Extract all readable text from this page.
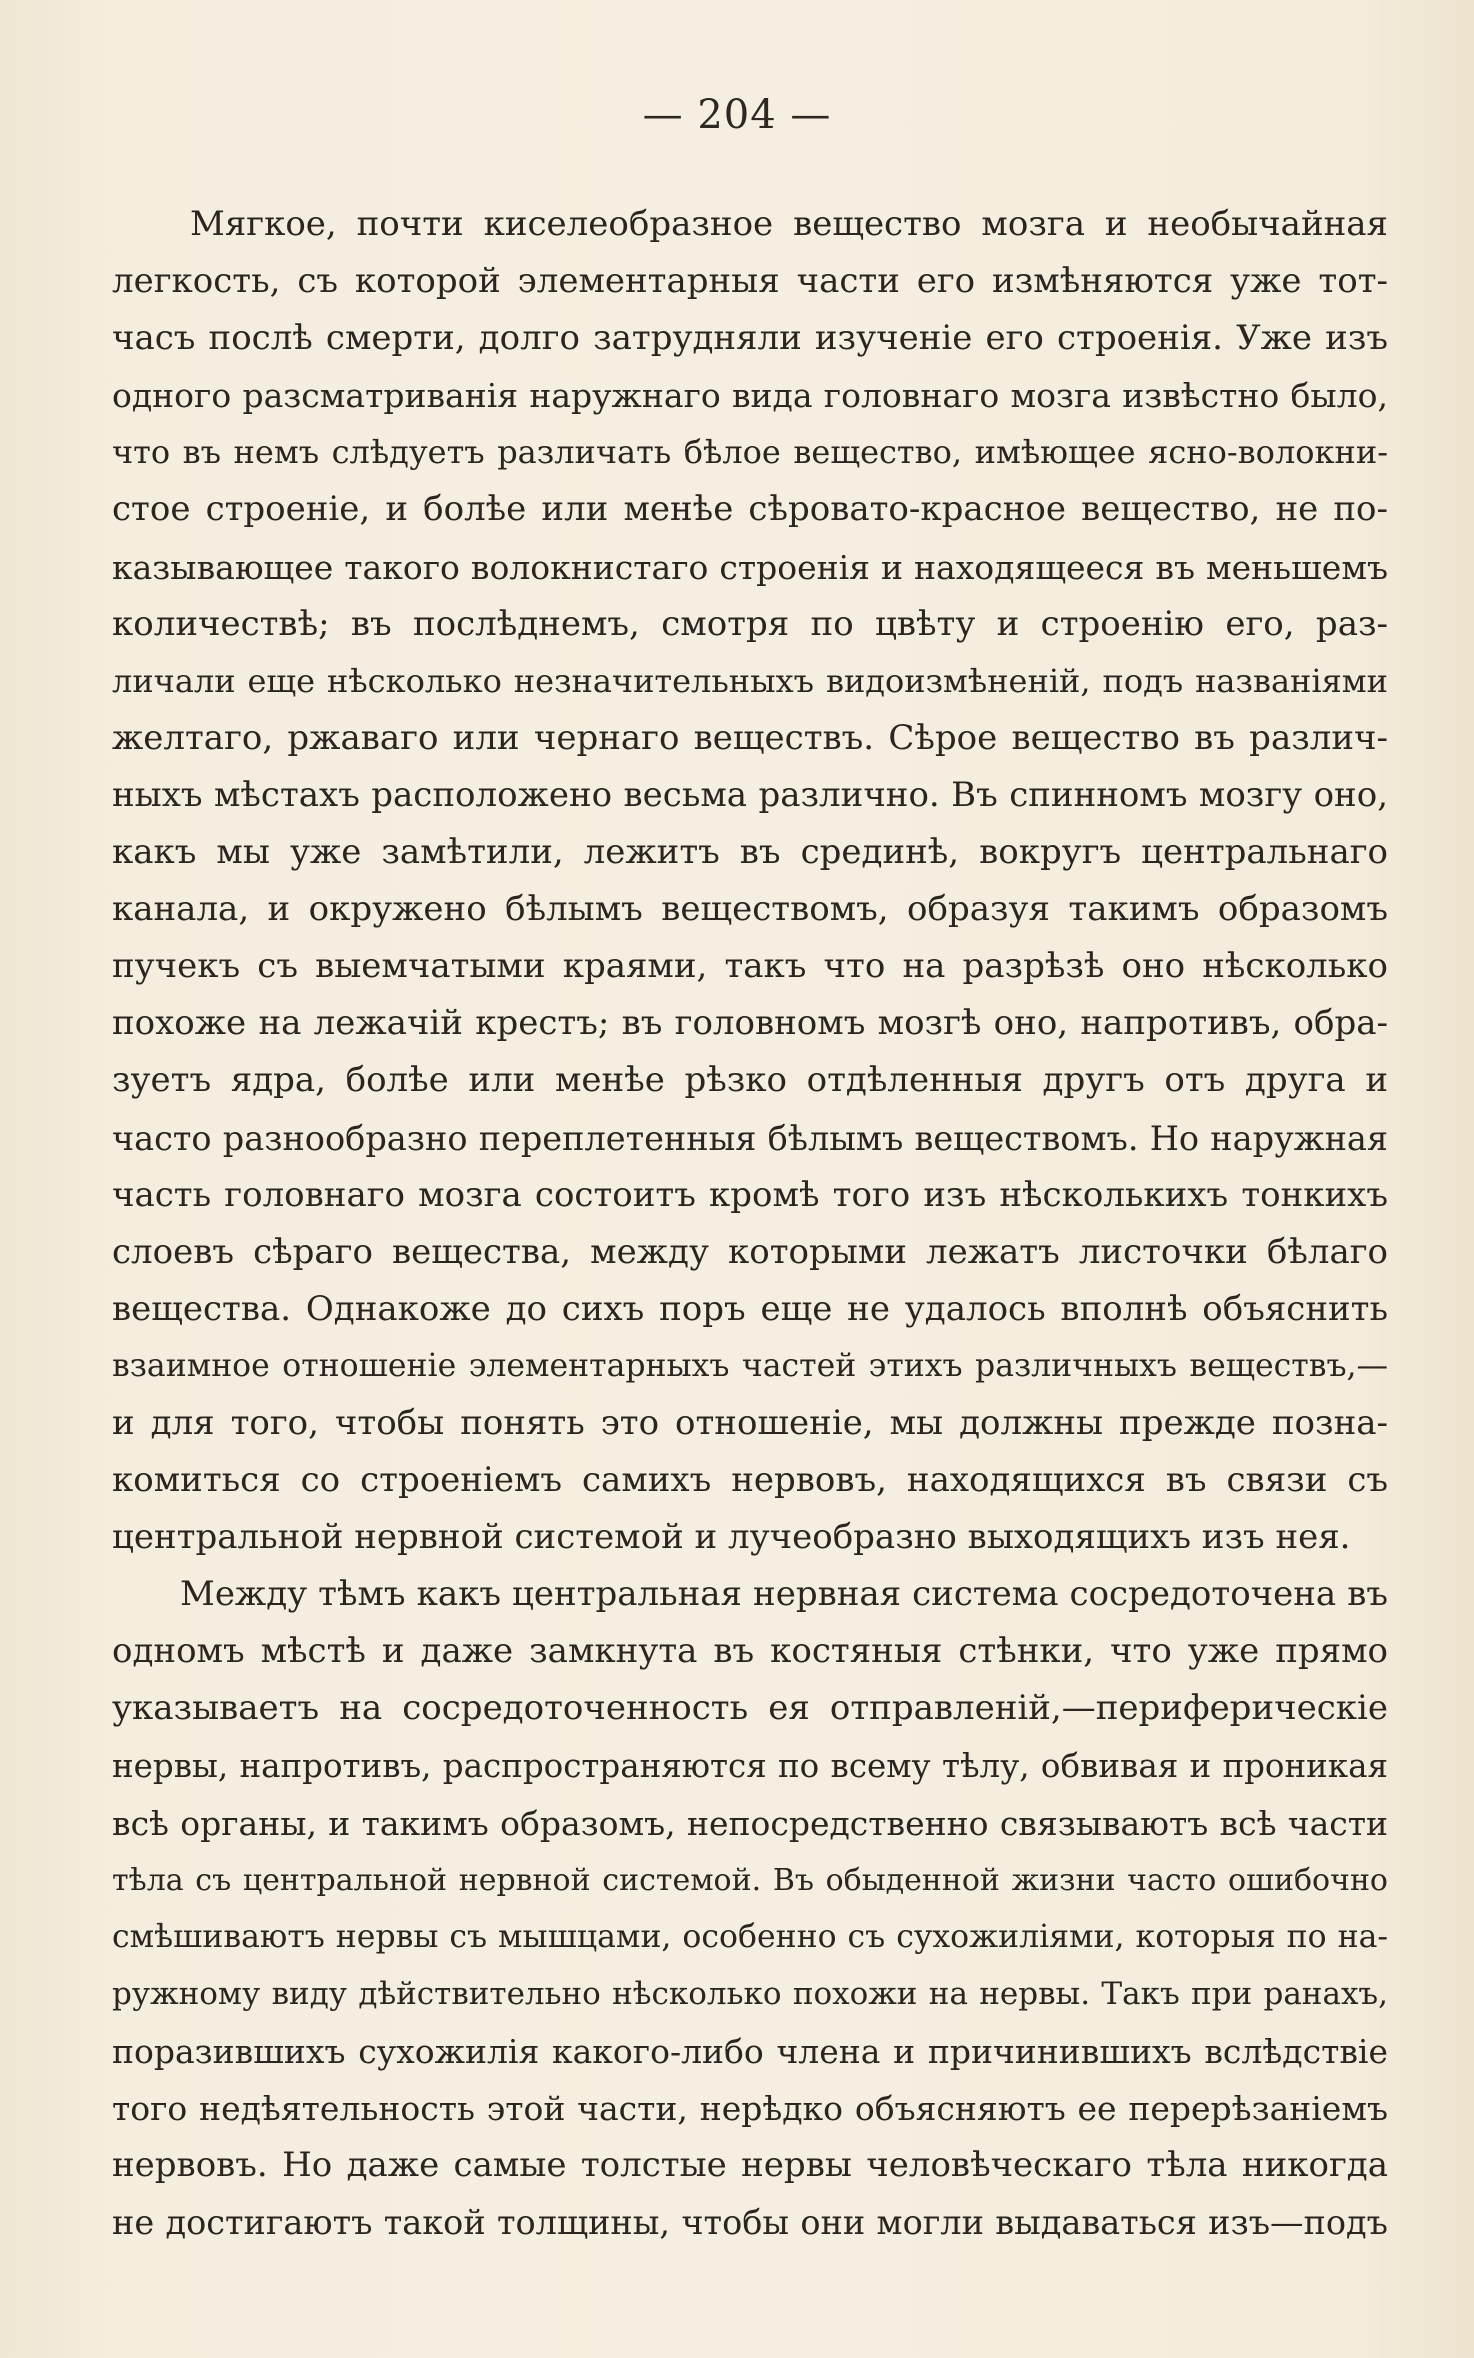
— 204 —
Мягкое, почти киселеобразное вещество мозга и необычайная
легкость, съ которой элементарныя части его измѣняются уже тот-
часъ послѣ смерти, долго затрудняли изученіе его строенія. Уже изъ
одного разсматриванія наружнаго вида головнаго мозга извѣстно было,
что въ немъ слѣдуетъ различать бѣлое вещество, имѣющее ясно-волокни-
стое строеніе, и болѣе или менѣе сѣровато-красное вещество, не по-
казывающее такого волокнистаго строенія и находящееся въ меньшемъ
количествѣ; въ послѣднемъ, смотря по цвѣту и строенію его, раз-
личали еще нѣсколько незначительныхъ видоизмѣненій, подъ названіями
желтаго, ржаваго или чернаго веществъ. Сѣрое вещество въ различ-
ныхъ мѣстахъ расположено весьма различно. Въ спинномъ мозгу оно,
какъ мы уже замѣтили, лежитъ въ срединѣ, вокругъ центральнаго
канала, и окружено бѣлымъ веществомъ, образуя такимъ образомъ
пучекъ съ выемчатыми краями, такъ что на разрѣзѣ оно нѣсколько
похоже на лежачій крестъ; въ головномъ мозгѣ оно, напротивъ, обра-
зуетъ ядра, болѣе или менѣе рѣзко отдѣленныя другъ отъ друга и
часто разнообразно переплетенныя бѣлымъ веществомъ. Но наружная
часть головнаго мозга состоитъ кромѣ того изъ нѣсколькихъ тонкихъ
слоевъ сѣраго вещества, между которыми лежатъ листочки бѣлаго
вещества. Однакоже до сихъ поръ еще не удалось вполнѣ объяснить
взаимное отношеніе элементарныхъ частей этихъ различныхъ веществъ,—
и для того, чтобы понять это отношеніе, мы должны прежде позна-
комиться со строеніемъ самихъ нервовъ, находящихся въ связи съ
центральной нервной системой и лучеобразно выходящихъ изъ нея.
Между тѣмъ какъ центральная нервная система сосредоточена въ
одномъ мѣстѣ и даже замкнута въ костяныя стѣнки, что уже прямо
указываетъ на сосредоточенность ея отправленій,—периферическіе
нервы, напротивъ, распространяются по всему тѣлу, обвивая и проникая
всѣ органы, и такимъ образомъ, непосредственно связываютъ всѣ части
тѣла съ центральной нервной системой. Въ обыденной жизни часто ошибочно
смѣшиваютъ нервы съ мышцами, особенно съ сухожиліями, которыя по на-
ружному виду дѣйствительно нѣсколько похожи на нервы. Такъ при ранахъ,
поразившихъ сухожилія какого-либо члена и причинившихъ вслѣдствіе
того недѣятельность этой части, нерѣдко объясняютъ ее перерѣзаніемъ
нервовъ. Но даже самые толстые нервы человѣческаго тѣла никогда
не достигаютъ такой толщины, чтобы они могли выдаваться изъ—подъ
